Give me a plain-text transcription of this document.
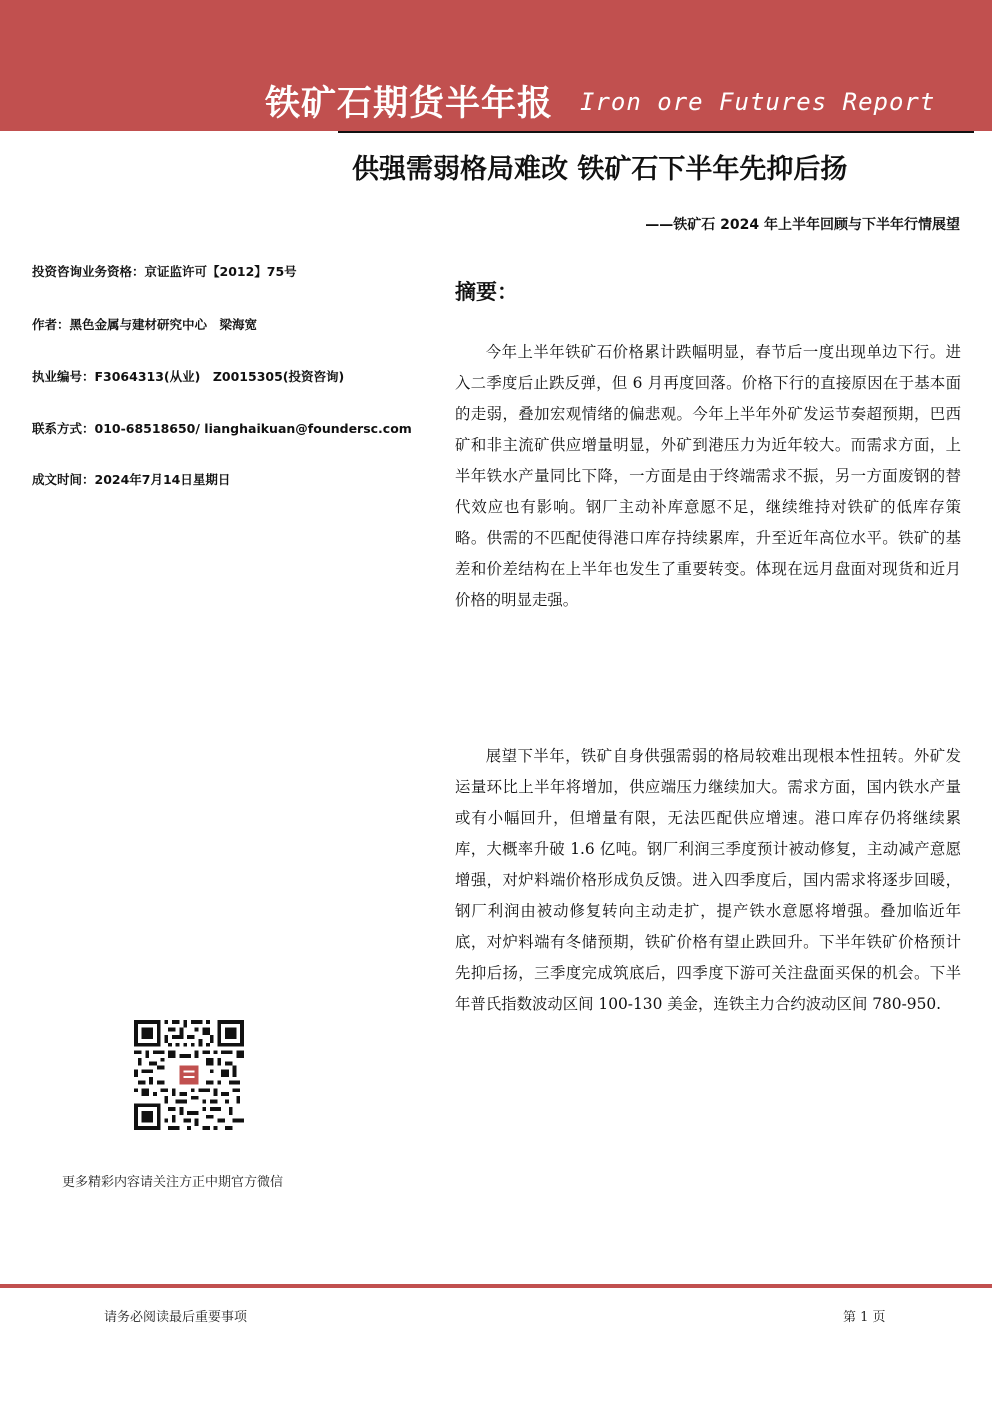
铁矿石期货半年报 Iron ore Futures Report
供强需弱格局难改 铁矿石下半年先抑后扬
——铁矿石 2024 年上半年回顾与下半年行情展望
投资咨询业务资格：京证监许可【2012】75号
作者：黑色金属与建材研究中心　梁海宽
执业编号：F3064313(从业)　Z0015305(投资咨询)
联系方式：010-68518650/ lianghaikuan@foundersc.com
成文时间：2024年7月14日星期日
摘要：

今年上半年铁矿石价格累计跌幅明显，春节后一度出现单边下行。进入二季度后止跌反弹，但 6 月再度回落。价格下行的直接原因在于基本面的走弱，叠加宏观情绪的偏悲观。今年上半年外矿发运节奏超预期，巴西矿和非主流矿供应增量明显，外矿到港压力为近年较大。而需求方面，上半年铁水产量同比下降，一方面是由于终端需求不振，另一方面废钢的替代效应也有影响。钢厂主动补库意愿不足，继续维持对铁矿的低库存策略。供需的不匹配使得港口库存持续累库，升至近年高位水平。铁矿的基差和价差结构在上半年也发生了重要转变。体现在远月盘面对现货和近月价格的明显走强。

展望下半年，铁矿自身供强需弱的格局较难出现根本性扭转。外矿发运量环比上半年将增加，供应端压力继续加大。需求方面，国内铁水产量或有小幅回升，但增量有限，无法匹配供应增速。港口库存仍将继续累库，大概率升破 1.6 亿吨。钢厂利润三季度预计被动修复，主动减产意愿增强，对炉料端价格形成负反馈。进入四季度后，国内需求将逐步回暖，钢厂利润由被动修复转向主动走扩，提产铁水意愿将增强。叠加临近年底，对炉料端有冬储预期，铁矿价格有望止跌回升。下半年铁矿价格预计先抑后扬，三季度完成筑底后，四季度下游可关注盘面买保的机会。下半年普氏指数波动区间 100-130 美金，连铁主力合约波动区间 780-950.

更多精彩内容请关注方正中期官方微信
请务必阅读最后重要事项	第 1 页
